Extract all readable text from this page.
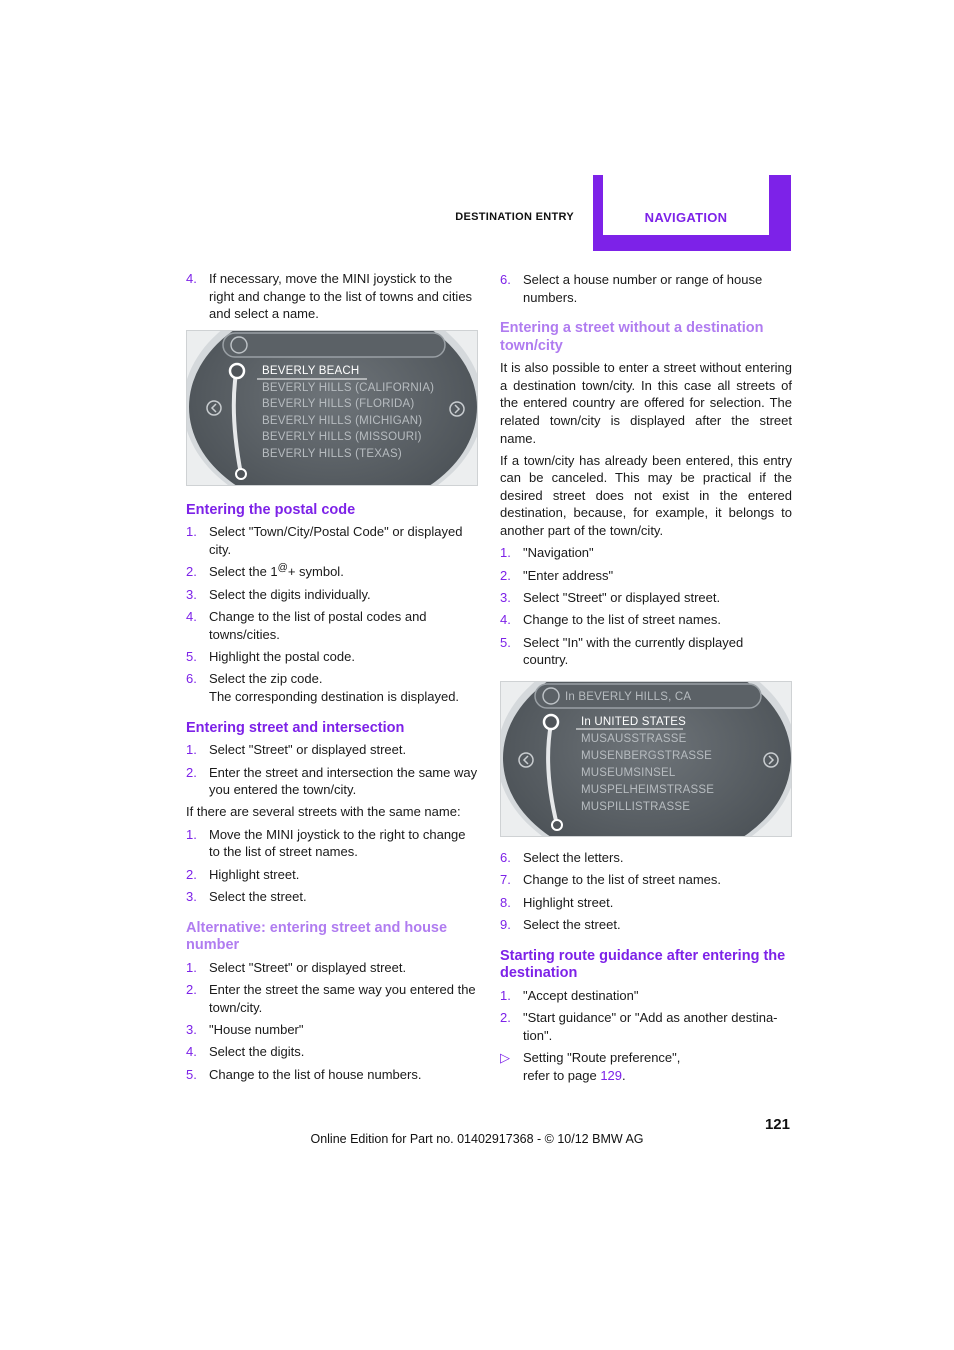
DESTINATION ENTRY	NAVIGATION
4. If necessary, move the MINI joystick to the right and change to the list of towns and cities and select a name.
BEVERLY BEACH
BEVERLY HILLS (CALIFORNIA)
BEVERLY HILLS (FLORIDA)
BEVERLY HILLS (MICHIGAN)
BEVERLY HILLS (MISSOURI)
BEVERLY HILLS (TEXAS)
Entering the postal code
1. Select "Town/City/Postal Code" or displayed city.
2. Select the 1@+ symbol.
3. Select the digits individually.
4. Change to the list of postal codes and towns/cities.
5. Highlight the postal code.
6. Select the zip code.
The corresponding destination is displayed.
Entering street and intersection
1. Select "Street" or displayed street.
2. Enter the street and intersection the same way you entered the town/city.

If there are several streets with the same name:

1. Move the MINI joystick to the right to change to the list of street names.
2. Highlight street.
3. Select the street.
Alternative: entering street and house number
1. Select "Street" or displayed street.
2. Enter the street the same way you entered the town/city.
3. "House number"
4. Select the digits.
5. Change to the list of house numbers.
6. Select a house number or range of house numbers.
Entering a street without a destination town/city

It is also possible to enter a street without entering a destination town/city. In this case all streets of the entered country are offered for selection. The related town/city is displayed after the street name.

If a town/city has already been entered, this entry can be canceled. This may be practical if the desired street does not exist in the entered destination, because, for example, it belongs to another part of the town/city.

1. "Navigation"
2. "Enter address"
3. Select "Street" or displayed street.
4. Change to the list of street names.
5. Select "In" with the currently displayed country.
In BEVERLY HILLS, CA
In UNITED STATES
MUSAUSSTRASSE
MUSENBERGSTRASSE
MUSEUMSINSEL
MUSPELHEIMSTRASSE
MUSPILLISTRASSE
6. Select the letters.
7. Change to the list of street names.
8. Highlight street.
9. Select the street.
Starting route guidance after entering the destination
1. "Accept destination"
2. "Start guidance" or "Add as another destination".
▷ Setting "Route preference",
refer to page 129.
121
Online Edition for Part no. 01402917368 - © 10/12 BMW AG
